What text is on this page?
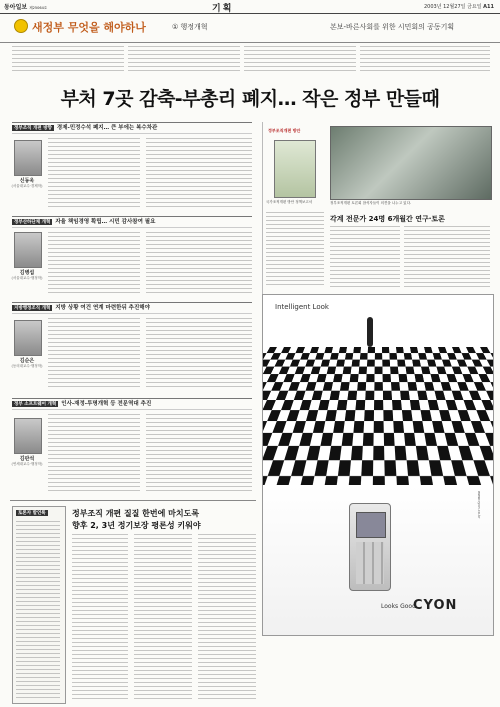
동아일보 제25064호	기획	2003년 12월27일 금요일 A11
새정부 무엇을 해야하나	① 행정개혁	본보-바른사회를 위한 시민회의 공동기획
부처 7곳 감축-부총리 폐지… 작은 정부 만들때
정부조직 개편 방향 경제-민정수석 폐지… 큰 부에는 복수차관
신동욱
(서울대교수·경제학)
정부산하단체 개혁 자율 책임경영 확립… 시민 감사참여 필요
김병섭
(서울대교수·행정학)
지방행정조직 개혁 지방 상황 여건 연계 마련한뒤 추진해야
김순은
(동의대교수·행정학)
정부 소프트웨어 개혁 인사-재정-투명개혁 등 전문역대 추진
김판석
(연세대교수·행정학)
정부조직개편 방안
국가조직개편 방안 정책보고서	정부조직개편 토론회 참석자들이 의견을 나누고 있다.
각계 전문가 24명 6개월간 연구·토론
Intelligent Look
www.cyon.co.kr
Looks Good
CYON
토론자 발언록	정부조직 개편 질질 한번에 마치도록
향후 2, 3년 정기보장 평론성 키워야
